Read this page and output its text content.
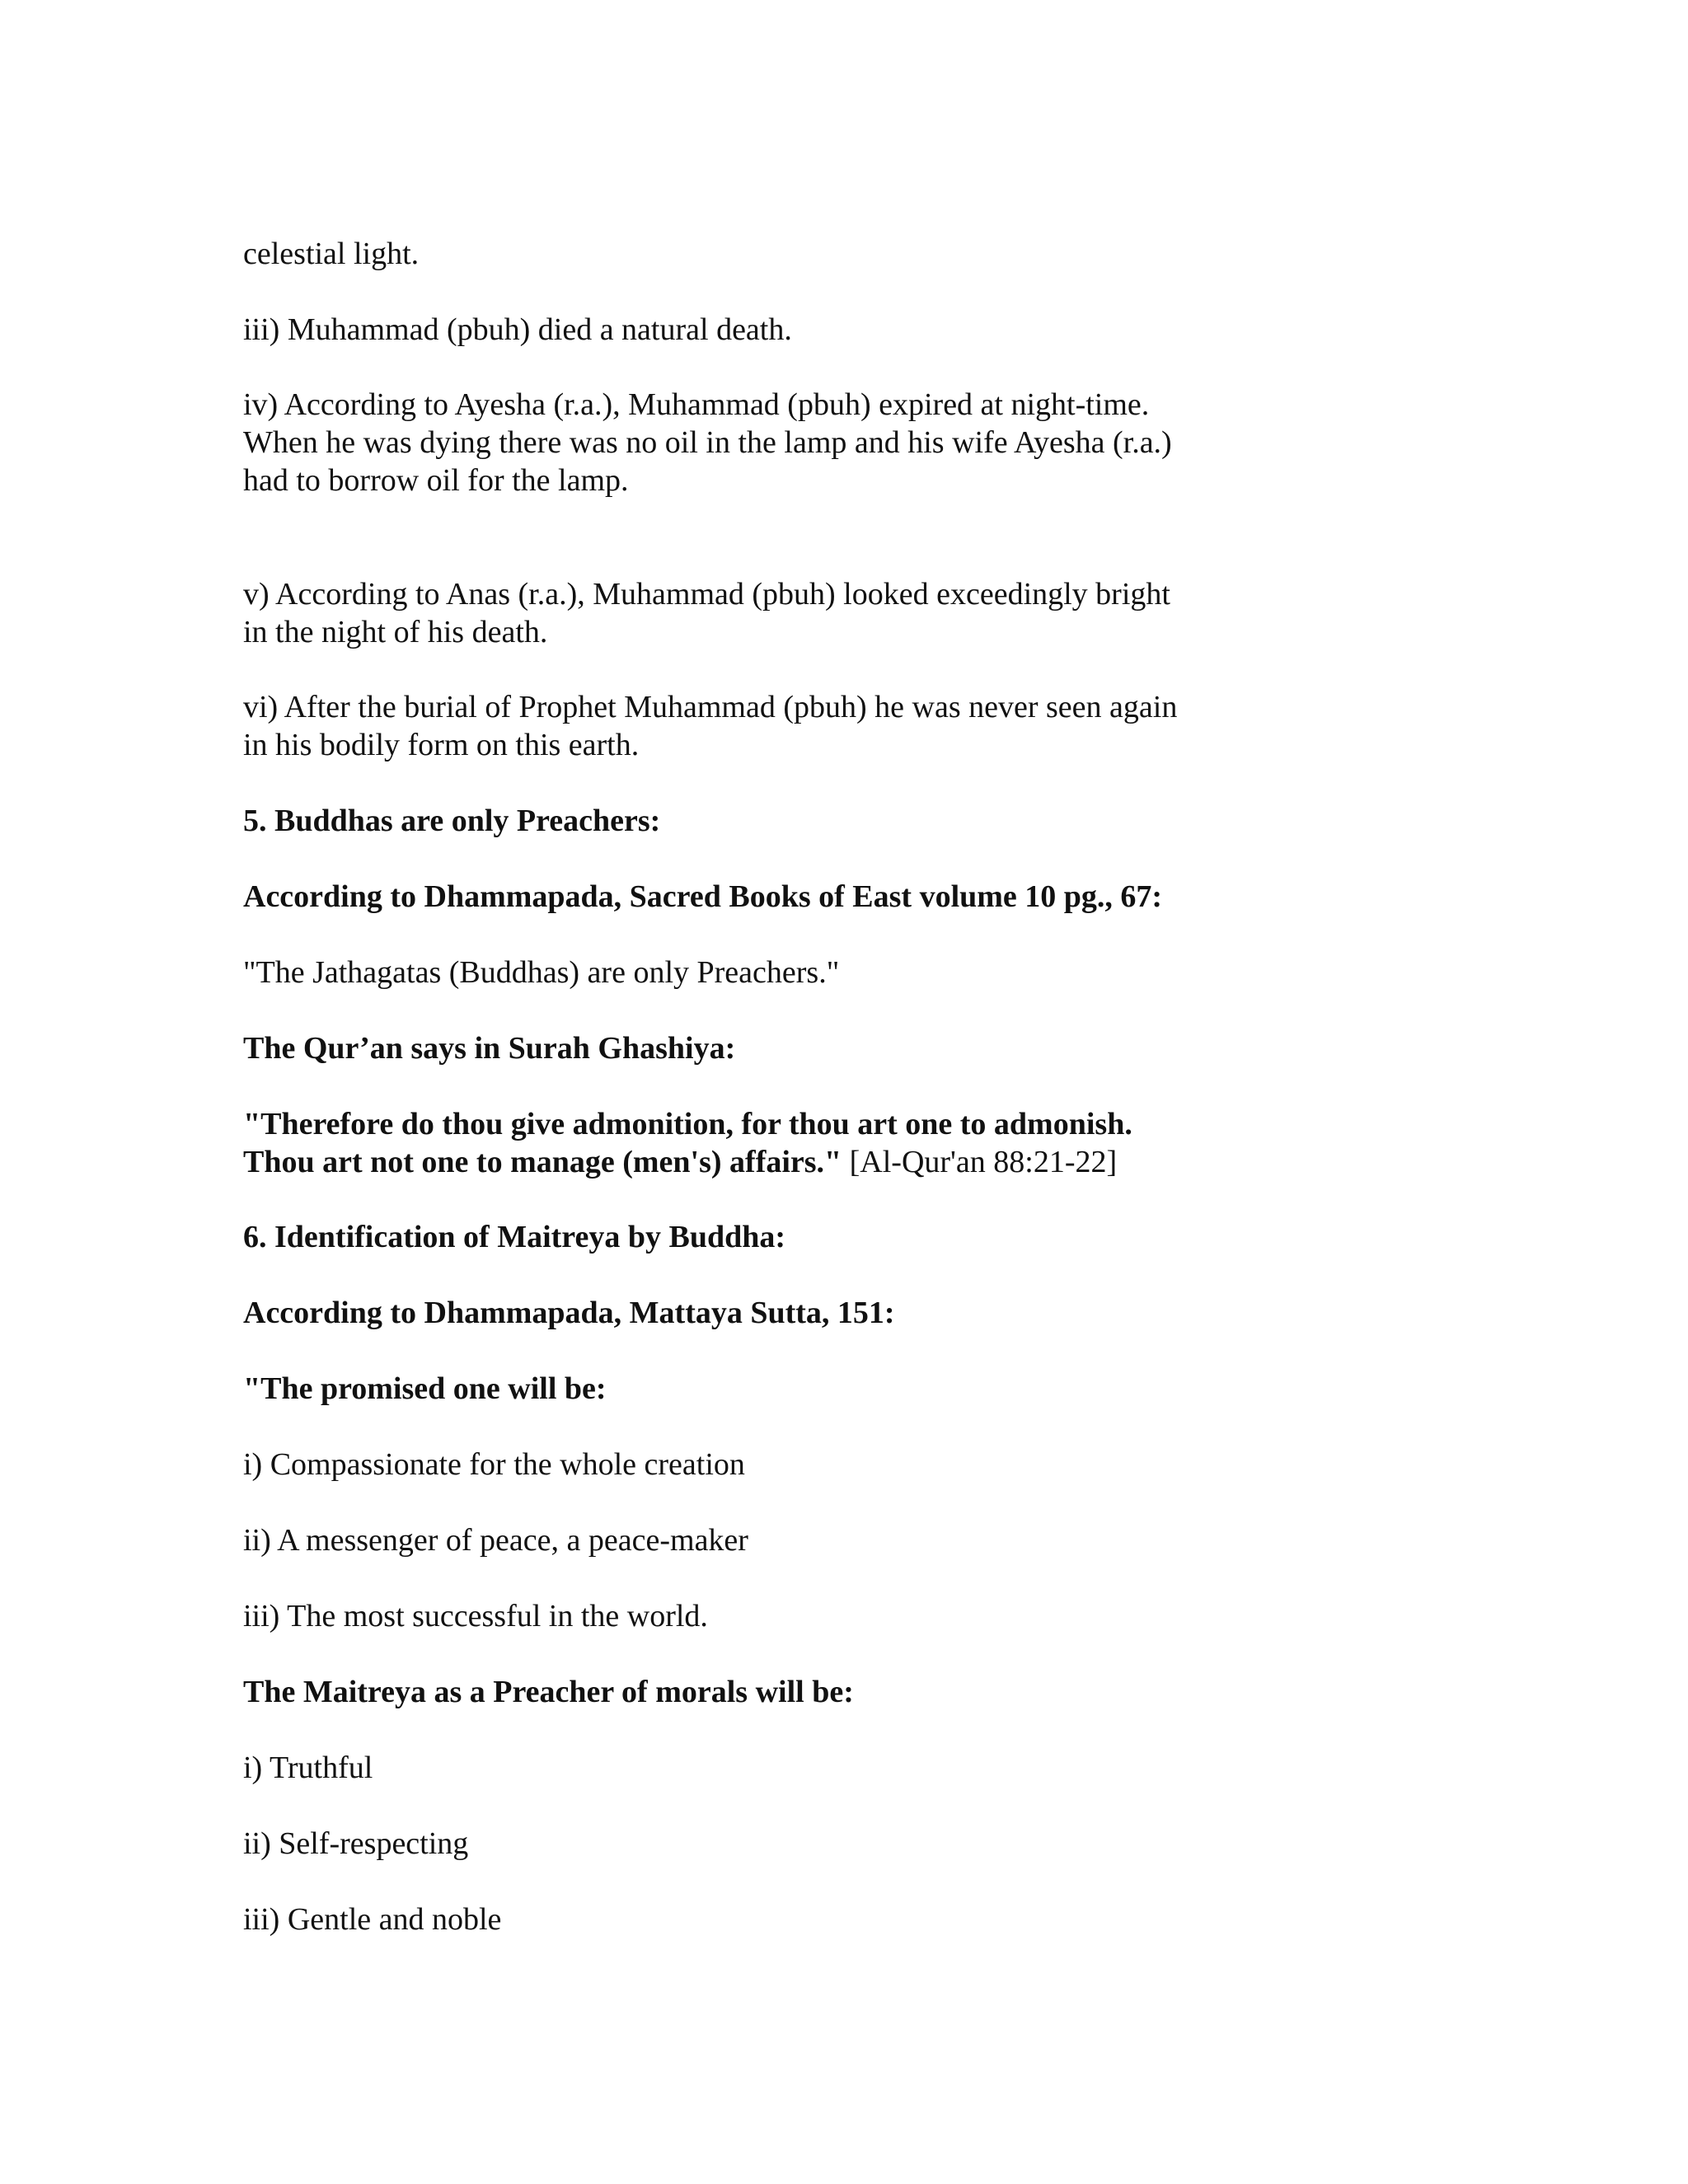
celestial light.

iii) Muhammad (pbuh) died a natural death.

iv) According to Ayesha (r.a.), Muhammad (pbuh) expired at night-time.
When he was dying there was no oil in the lamp and his wife Ayesha (r.a.)
had to borrow oil for the lamp.

v) According to Anas (r.a.), Muhammad (pbuh) looked exceedingly bright
in the night of his death.

vi) After the burial of Prophet Muhammad (pbuh) he was never seen again
in his bodily form on this earth.

5. Buddhas are only Preachers:

According to Dhammapada, Sacred Books of East volume 10 pg., 67:

"The Jathagatas (Buddhas) are only Preachers."

The Qur’an says in Surah Ghashiya:

"Therefore do thou give admonition, for thou art one to admonish.
Thou art not one to manage (men's) affairs." [Al-Qur'an 88:21-22]

6. Identification of Maitreya by Buddha:

According to Dhammapada, Mattaya Sutta, 151:

"The promised one will be:

i) Compassionate for the whole creation

ii) A messenger of peace, a peace-maker

iii) The most successful in the world.

The Maitreya as a Preacher of morals will be:

i) Truthful

ii) Self-respecting

iii) Gentle and noble
